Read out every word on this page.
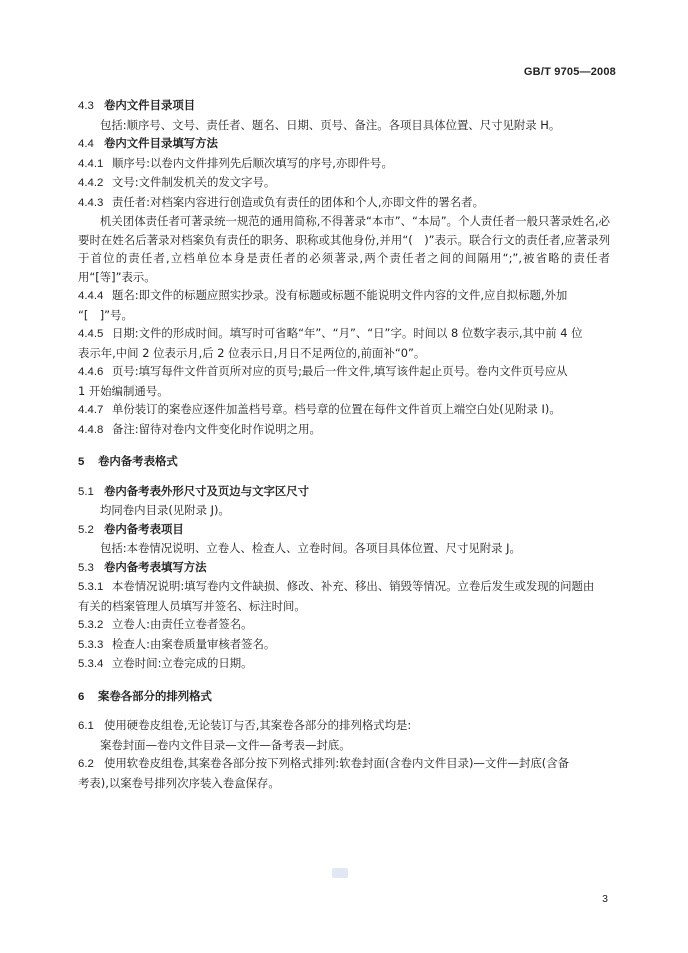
GB/T 9705—2008
4.3 卷内文件目录项目
包括:顺序号、文号、责任者、题名、日期、页号、备注。各项目具体位置、尺寸见附录 H。
4.4 卷内文件目录填写方法
4.4.1 顺序号:以卷内文件排列先后顺次填写的序号,亦即件号。
4.4.2 文号:文件制发机关的发文字号。
4.4.3 责任者:对档案内容进行创造或负有责任的团体和个人,亦即文件的署名者。
机关团体责任者可著录统一规范的通用简称,不得著录“本市”、“本局”。个人责任者一般只著录姓名,必要时在姓名后著录对档案负有责任的职务、职称或其他身份,并用“(　)”表示。联合行文的责任者,应著录列于首位的责任者,立档单位本身是责任者的必须著录,两个责任者之间的间隔用“;”,被省略的责任者用“[等]”表示。
4.4.4 题名:即文件的标题应照实抄录。没有标题或标题不能说明文件内容的文件,应自拟标题,外加
“[　]”号。
4.4.5 日期:文件的形成时间。填写时可省略“年”、“月”、“日”字。时间以 8 位数字表示,其中前 4 位
表示年,中间 2 位表示月,后 2 位表示日,月日不足两位的,前面补“0”。
4.4.6 页号:填写每件文件首页所对应的页号;最后一件文件,填写该件起止页号。卷内文件页号应从
1 开始编制通号。
4.4.7 单份装订的案卷应逐件加盖档号章。档号章的位置在每件文件首页上端空白处(见附录 I)。
4.4.8 备注:留待对卷内文件变化时作说明之用。
5 卷内备考表格式
5.1 卷内备考表外形尺寸及页边与文字区尺寸
均同卷内目录(见附录 J)。
5.2 卷内备考表项目
包括:本卷情况说明、立卷人、检查人、立卷时间。各项目具体位置、尺寸见附录 J。
5.3 卷内备考表填写方法
5.3.1 本卷情况说明:填写卷内文件缺损、修改、补充、移出、销毁等情况。立卷后发生或发现的问题由
有关的档案管理人员填写并签名、标注时间。
5.3.2 立卷人:由责任立卷者签名。
5.3.3 检查人:由案卷质量审核者签名。
5.3.4 立卷时间:立卷完成的日期。
6 案卷各部分的排列格式
6.1 使用硬卷皮组卷,无论装订与否,其案卷各部分的排列格式均是:
案卷封面—卷内文件目录—文件—备考表—封底。
6.2 使用软卷皮组卷,其案卷各部分按下列格式排列:软卷封面(含卷内文件目录)—文件—封底(含备
考表),以案卷号排列次序装入卷盒保存。
3
